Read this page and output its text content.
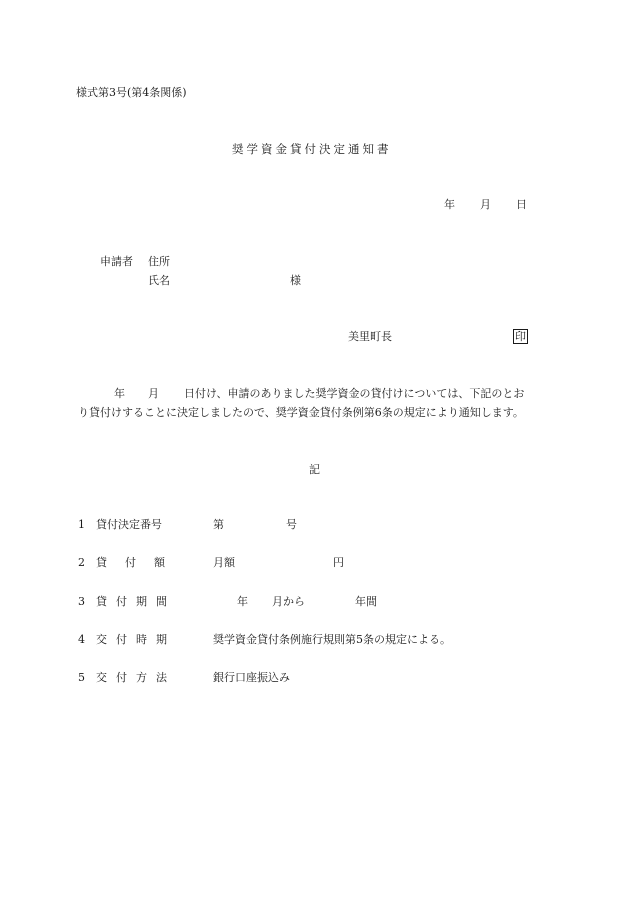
様式第3号(第4条関係)
奨学資金貸付決定通知書
年 月 日
申請者 住所
氏名	様
美里町長	印
年 月 日付け、申請のありました奨学資金の貸付けについては、下記のとお
り貸付けすることに決定しましたので、奨学資金貸付条例第6条の規定により通知します。
記
1 貸付決定番号	第	号
2 貸 付 額	月額	円
3 貸 付 期 間	年 月から	年間
4 交 付 時 期	奨学資金貸付条例施行規則第5条の規定による。
5 交 付 方 法	銀行口座振込み
